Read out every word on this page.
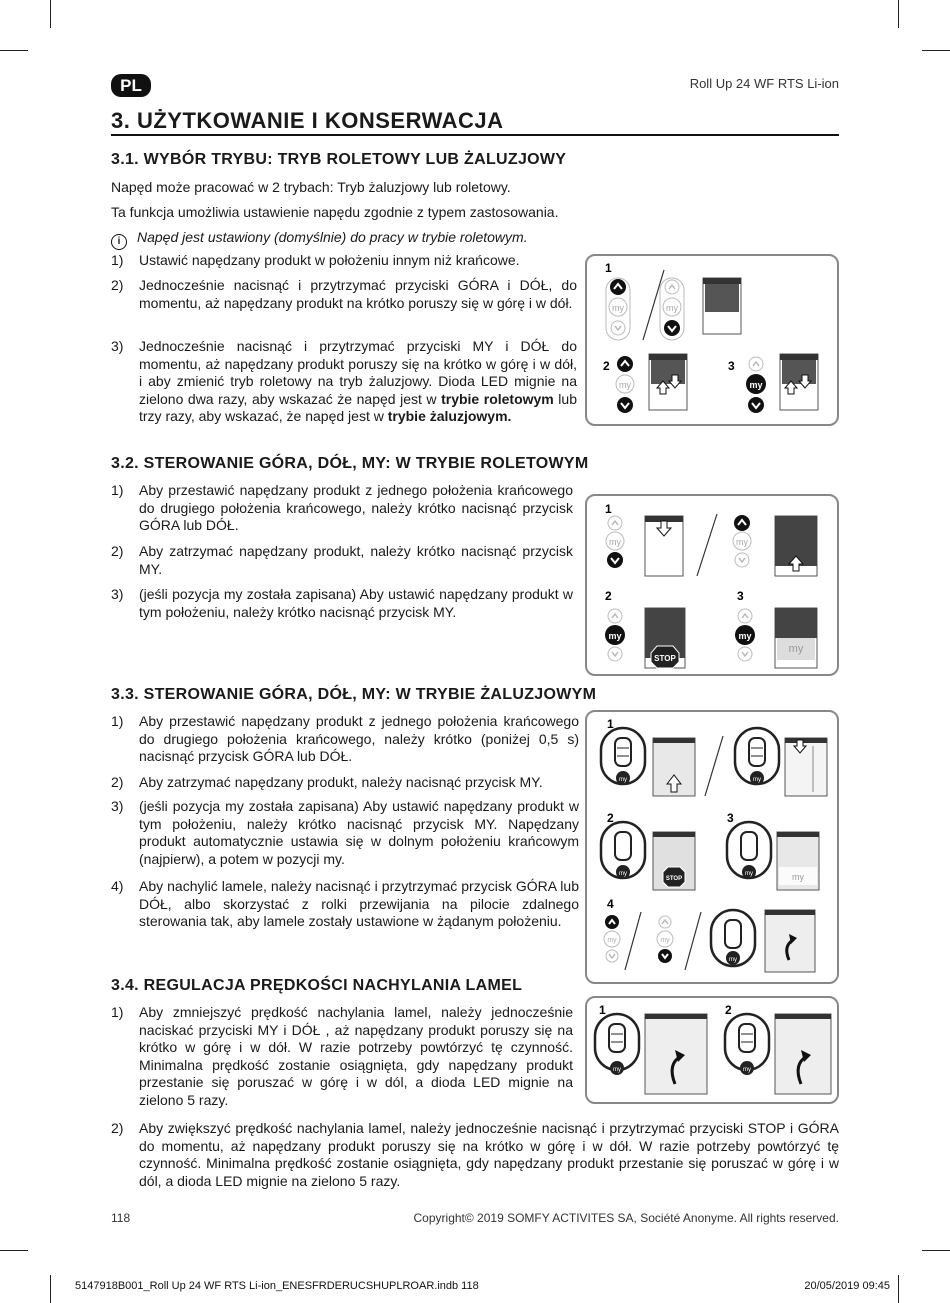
PL	Roll Up 24 WF RTS Li-ion
3. UŻYTKOWANIE I KONSERWACJA
3.1. WYBÓR TRYBU: TRYB ROLETOWY LUB ŻALUZJOWY
Napęd może pracować w 2 trybach: Tryb żaluzjowy lub roletowy.
Ta funkcja umożliwia ustawienie napędu zgodnie z typem zastosowania.
i Napęd jest ustawiony (domyślnie) do pracy w trybie roletowym.
1) Ustawić napędzany produkt w położeniu innym niż krańcowe.
2) Jednocześnie nacisnąć i przytrzymać przyciski GÓRA i DÓŁ, do momentu, aż napędzany produkt na krótko poruszy się w górę i w dół.
3) Jednocześnie nacisnąć i przytrzymać przyciski MY i DÓŁ do momentu, aż napędzany produkt poruszy się na krótko w górę i w dół, i aby zmienić tryb roletowy na tryb żaluzjowy. Dioda LED mignie na zielono dwa razy, aby wskazać że napęd jest w trybie roletowym lub trzy razy, aby wskazać, że napęd jest w trybie żaluzjowym.
1
my	my
2
my
3
my
3.2. STEROWANIE GÓRA, DÓŁ, MY: W TRYBIE ROLETOWYM
1) Aby przestawić napędzany produkt z jednego położenia krańcowego do drugiego położenia krańcowego, należy krótko nacisnąć przycisk GÓRA lub DÓŁ.
2) Aby zatrzymać napędzany produkt, należy krótko nacisnąć przycisk MY.
3) (jeśli pozycja my została zapisana) Aby ustawić napędzany produkt w tym położeniu, należy krótko nacisnąć przycisk MY.
1
my	my
2
my
STOP
3
my
my
3.3. STEROWANIE GÓRA, DÓŁ, MY: W TRYBIE ŻALUZJOWYM
1) Aby przestawić napędzany produkt z jednego położenia krańcowego do drugiego położenia krańcowego, należy krótko (poniżej 0,5 s) nacisnąć przycisk GÓRA lub DÓŁ.
2) Aby zatrzymać napędzany produkt, należy nacisnąć przycisk MY.
3) (jeśli pozycja my została zapisana) Aby ustawić napędzany produkt w tym położeniu, należy krótko nacisnąć przycisk MY. Napędzany produkt automatycznie ustawia się w dolnym położeniu krańcowym (najpierw), a potem w pozycji my.
4) Aby nachylić lamele, należy nacisnąć i przytrzymać przycisk GÓRA lub DÓŁ, albo skorzystać z rolki przewijania na pilocie zdalnego sterowania tak, aby lamele zostały ustawione w żądanym położeniu.
1
my	my
2
my
STOP
3
my	my
4
my	my
my
3.4. REGULACJA PRĘDKOŚCI NACHYLANIA LAMEL
1) Aby zmniejszyć prędkość nachylania lamel, należy jednocześnie naciskać przyciski MY i DÓŁ , aż napędzany produkt poruszy się na krótko w górę i w dół. W razie potrzeby powtórzyć tę czynność. Minimalna prędkość zostanie osiągnięta, gdy napędzany produkt przestanie się poruszać w górę i w dól, a dioda LED mignie na zielono 5 razy.
2) Aby zwiększyć prędkość nachylania lamel, należy jednocześnie nacisnąć i przytrzymać przyciski STOP i GÓRA do momentu, aż napędzany produkt poruszy się na krótko w górę i w dół. W razie potrzeby powtórzyć tę czynność. Minimalna prędkość zostanie osiągnięta, gdy napędzany produkt przestanie się poruszać w górę i w dól, a dioda LED mignie na zielono 5 razy.
1
my
2
my
118	Copyright© 2019 SOMFY ACTIVITES SA, Société Anonyme. All rights reserved.
5147918B001_Roll Up 24 WF RTS Li-ion_ENESFRDERUCSHUPLROAR.indb 118	20/05/2019 09:45
